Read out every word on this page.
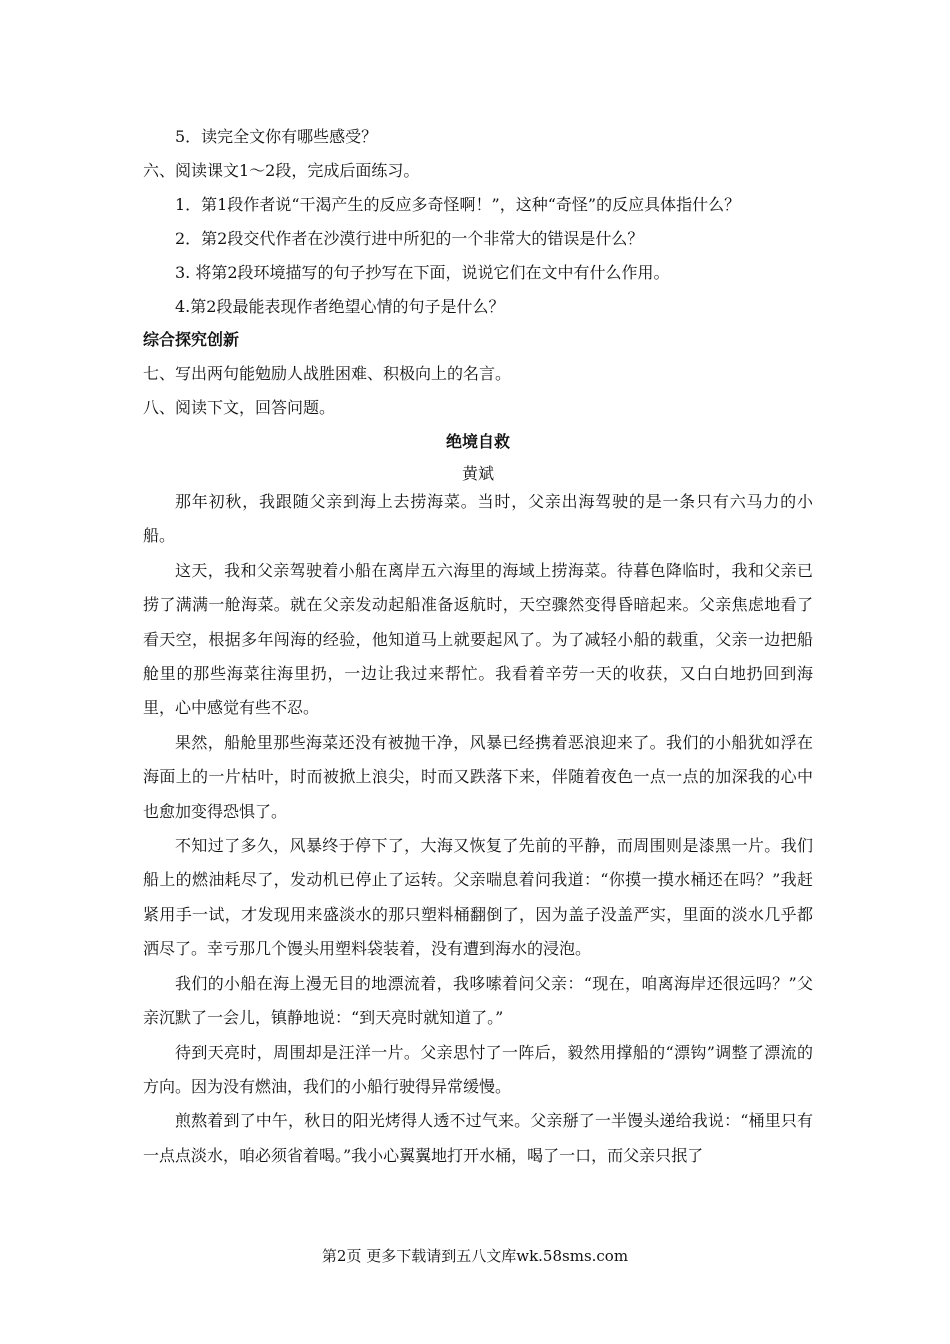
5．读完全文你有哪些感受？
六、阅读课文1～2段，完成后面练习。
1．第1段作者说“干渴产生的反应多奇怪啊！”，这种“奇怪”的反应具体指什么？
2．第2段交代作者在沙漠行进中所犯的一个非常大的错误是什么？
3. 将第2段环境描写的句子抄写在下面，说说它们在文中有什么作用。
4.第2段最能表现作者绝望心情的句子是什么？
综合探究创新
七、写出两句能勉励人战胜困难、积极向上的名言。
八、阅读下文，回答问题。
绝境自救
黄斌

那年初秋，我跟随父亲到海上去捞海菜。当时，父亲出海驾驶的是一条只有六马力的小船。

这天，我和父亲驾驶着小船在离岸五六海里的海域上捞海菜。待暮色降临时，我和父亲已捞了满满一舱海菜。就在父亲发动起船准备返航时，天空骤然变得昏暗起来。父亲焦虑地看了看天空，根据多年闯海的经验，他知道马上就要起风了。为了减轻小船的载重，父亲一边把船舱里的那些海菜往海里扔，一边让我过来帮忙。我看着辛劳一天的收获，又白白地扔回到海里，心中感觉有些不忍。

果然，船舱里那些海菜还没有被抛干净，风暴已经携着恶浪迎来了。我们的小船犹如浮在海面上的一片枯叶，时而被掀上浪尖，时而又跌落下来，伴随着夜色一点一点的加深我的心中也愈加变得恐惧了。

不知过了多久，风暴终于停下了，大海又恢复了先前的平静，而周围则是漆黑一片。我们船上的燃油耗尽了，发动机已停止了运转。父亲喘息着问我道：“你摸一摸水桶还在吗？”我赶紧用手一试，才发现用来盛淡水的那只塑料桶翻倒了，因为盖子没盖严实，里面的淡水几乎都洒尽了。幸亏那几个馒头用塑料袋装着，没有遭到海水的浸泡。

我们的小船在海上漫无目的地漂流着，我哆嗦着问父亲：“现在，咱离海岸还很远吗？”父亲沉默了一会儿，镇静地说：“到天亮时就知道了。”

待到天亮时，周围却是汪洋一片。父亲思忖了一阵后，毅然用撑船的“漂钩”调整了漂流的方向。因为没有燃油，我们的小船行驶得异常缓慢。

煎熬着到了中午，秋日的阳光烤得人透不过气来。父亲掰了一半馒头递给我说：“桶里只有一点点淡水，咱必须省着喝。”我小心翼翼地打开水桶，喝了一口，而父亲只抿了

第2页 更多下载请到五八文库wk.58sms.com
